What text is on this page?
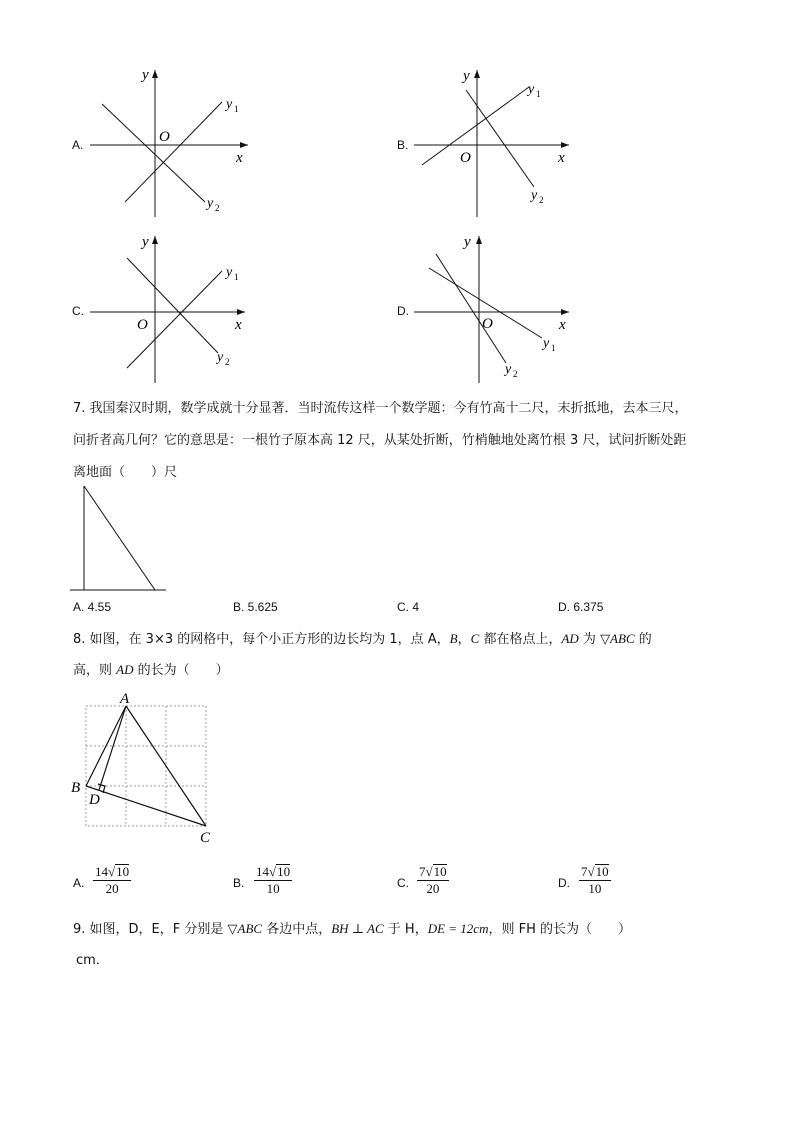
A.
y
x
O
y 1
y 2
B.
y
x
O
y 1
y 2
C.
y
x
O
y 1
y 2
D.
y
x
O
y 1
y 2
7. 我国秦汉时期，数学成就十分显著．当时流传这样一个数学题：今有竹高十二尺，末折抵地，去本三尺，
问折者高几何？它的意思是：一根竹子原本高 12 尺，从某处折断，竹梢触地处离竹根 3 尺，试问折断处距
离地面（　　）尺
A. 4.55	B. 5.625	C. 4	D. 6.375
8. 如图，在 3×3 的网格中，每个小正方形的边长均为 1，点 A，B，C 都在格点上，AD 为 ▽ABC 的
高，则 AD 的长为（　　）
A
B
C
D
A. $\frac{14√10}{20}$	B. $\frac{14√10}{10}$	C. $\frac{7√10}{20}$	D. $\frac{7√10}{10}$
9. 如图，D，E，F 分别是 ▽ABC 各边中点，BH ⊥ AC 于 H，DE = 12cm，则 FH 的长为（　　）
cm．
